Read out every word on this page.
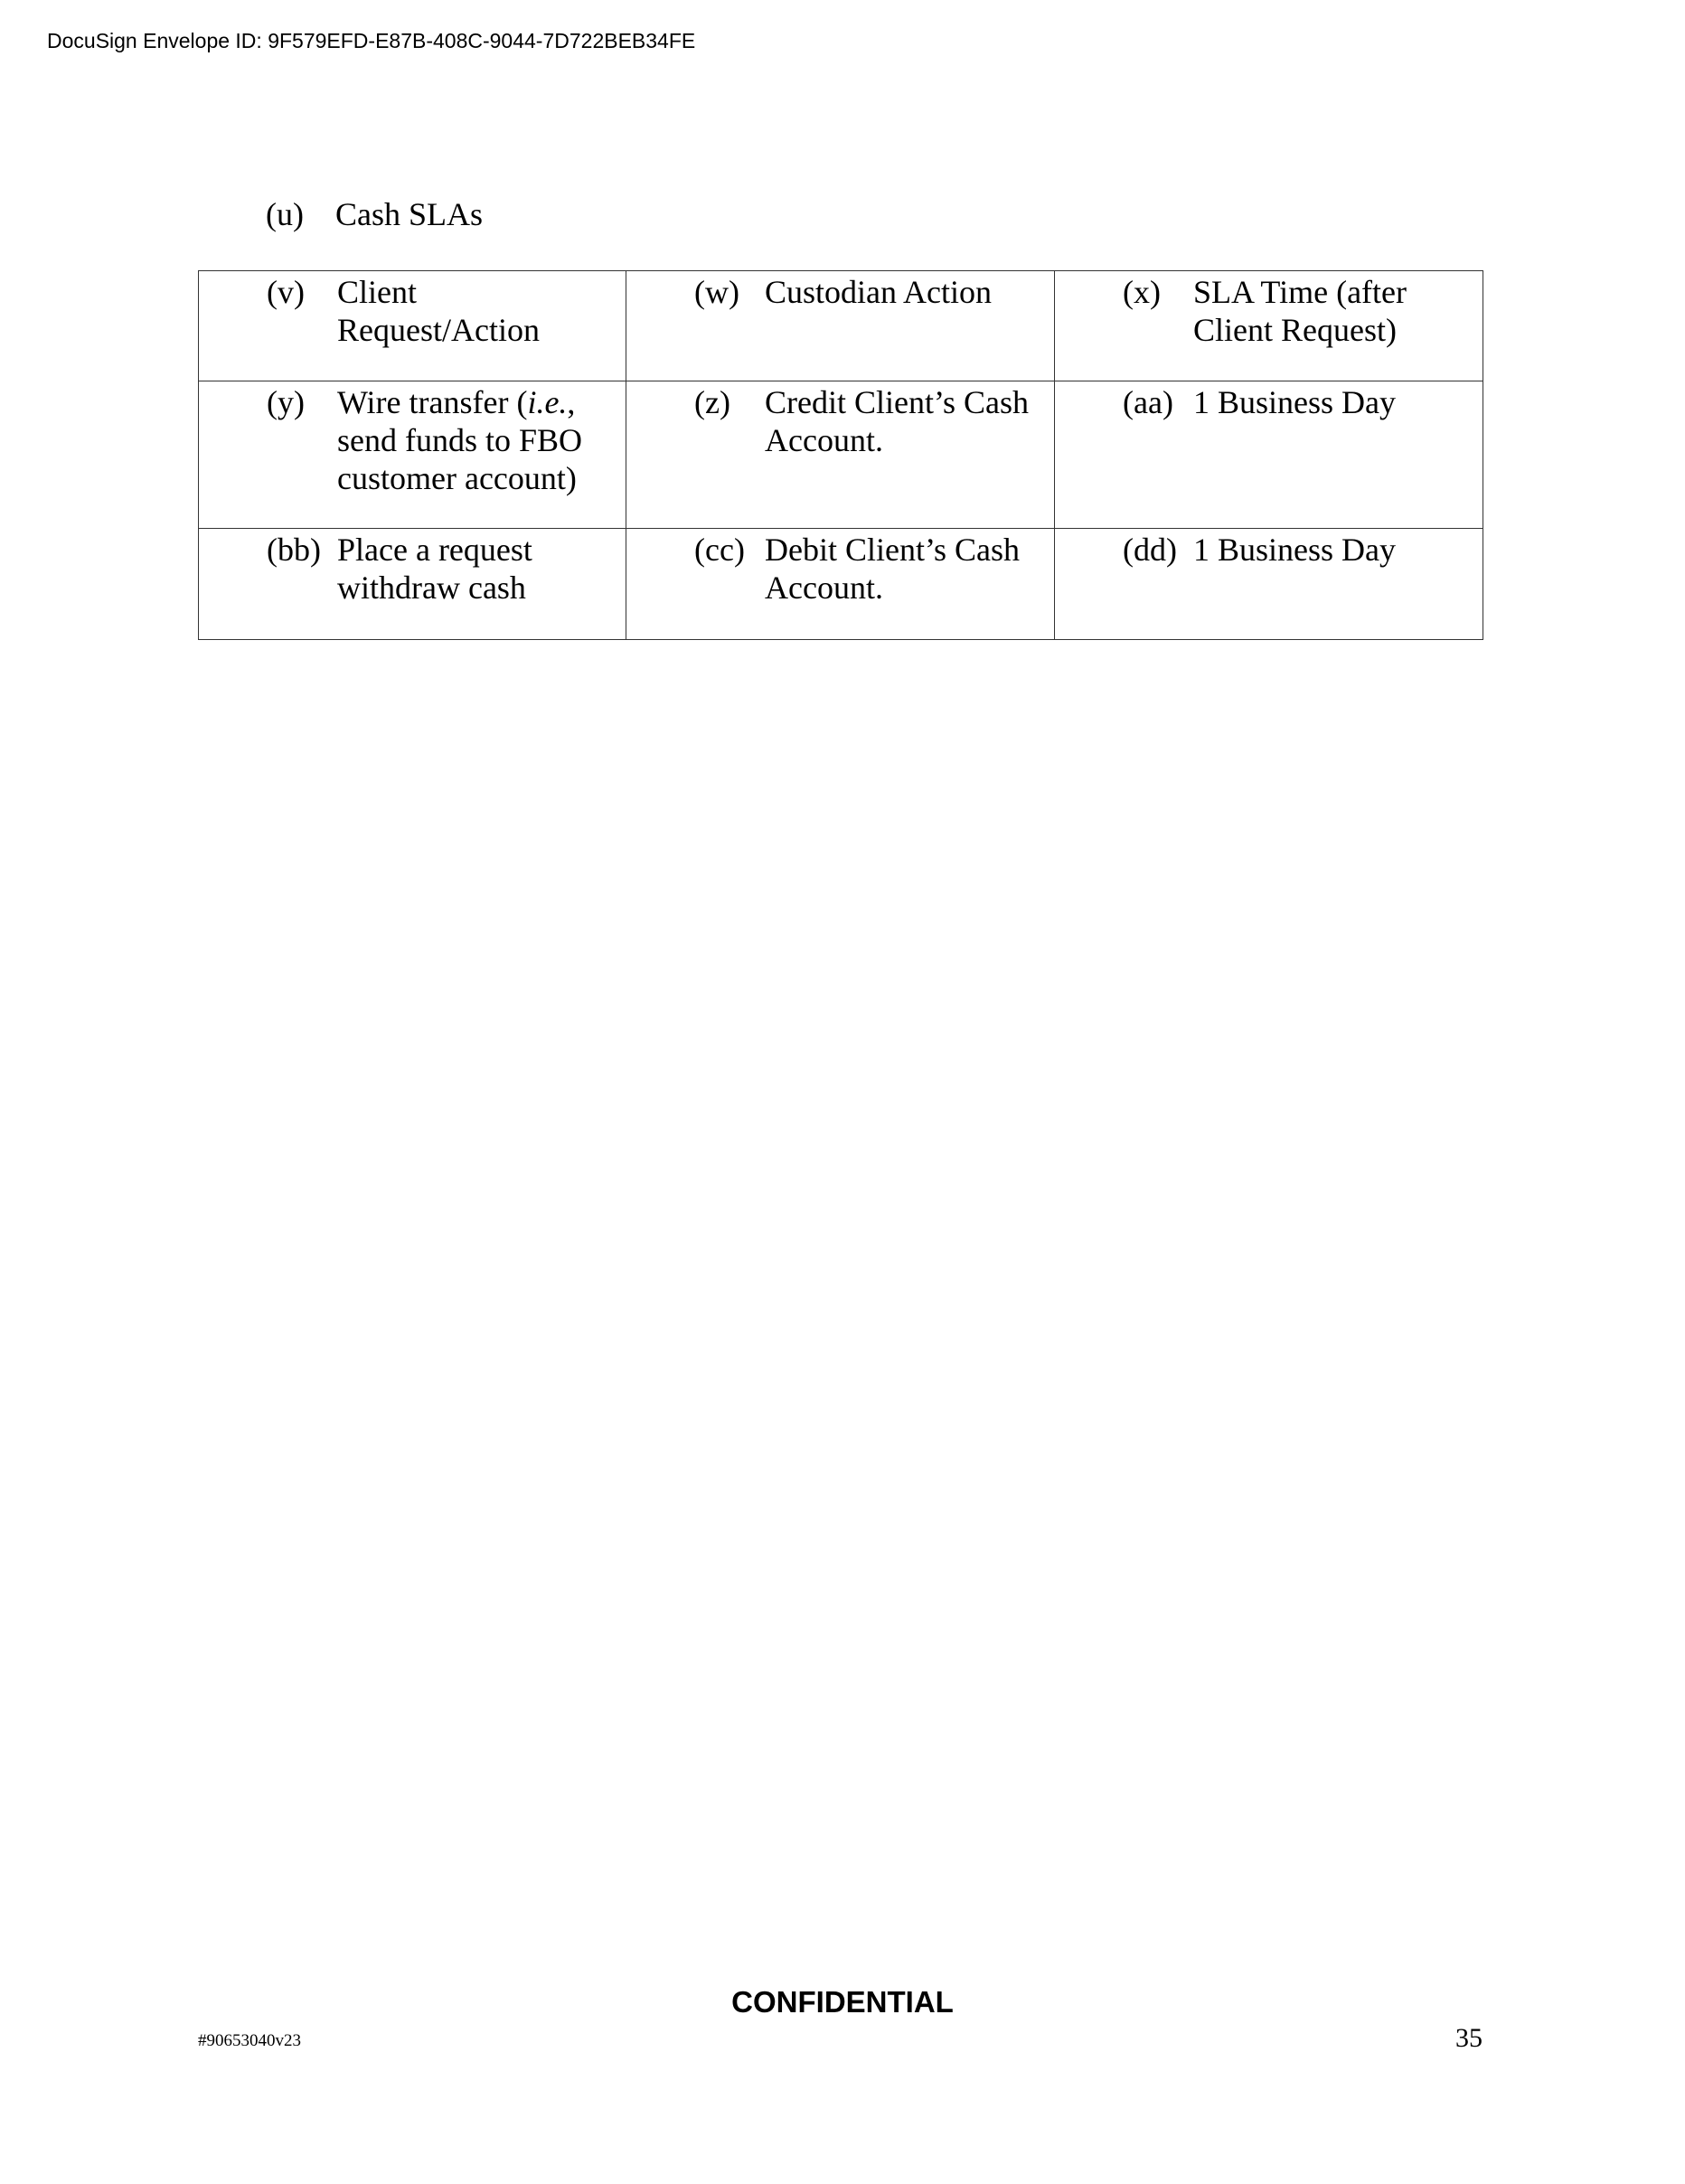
DocuSign Envelope ID: 9F579EFD-E87B-408C-9044-7D722BEB34FE
(u) Cash SLAs
(v) Client Request/Action	(w) Custodian Action	(x) SLA Time (after Client Request)

(y) Wire transfer (i.e., send funds to FBO customer account)	(z) Credit Client’s Cash Account.	(aa) 1 Business Day

(bb) Place a request withdraw cash	(cc) Debit Client’s Cash Account.	(dd) 1 Business Day
CONFIDENTIAL
#90653040v23	35
